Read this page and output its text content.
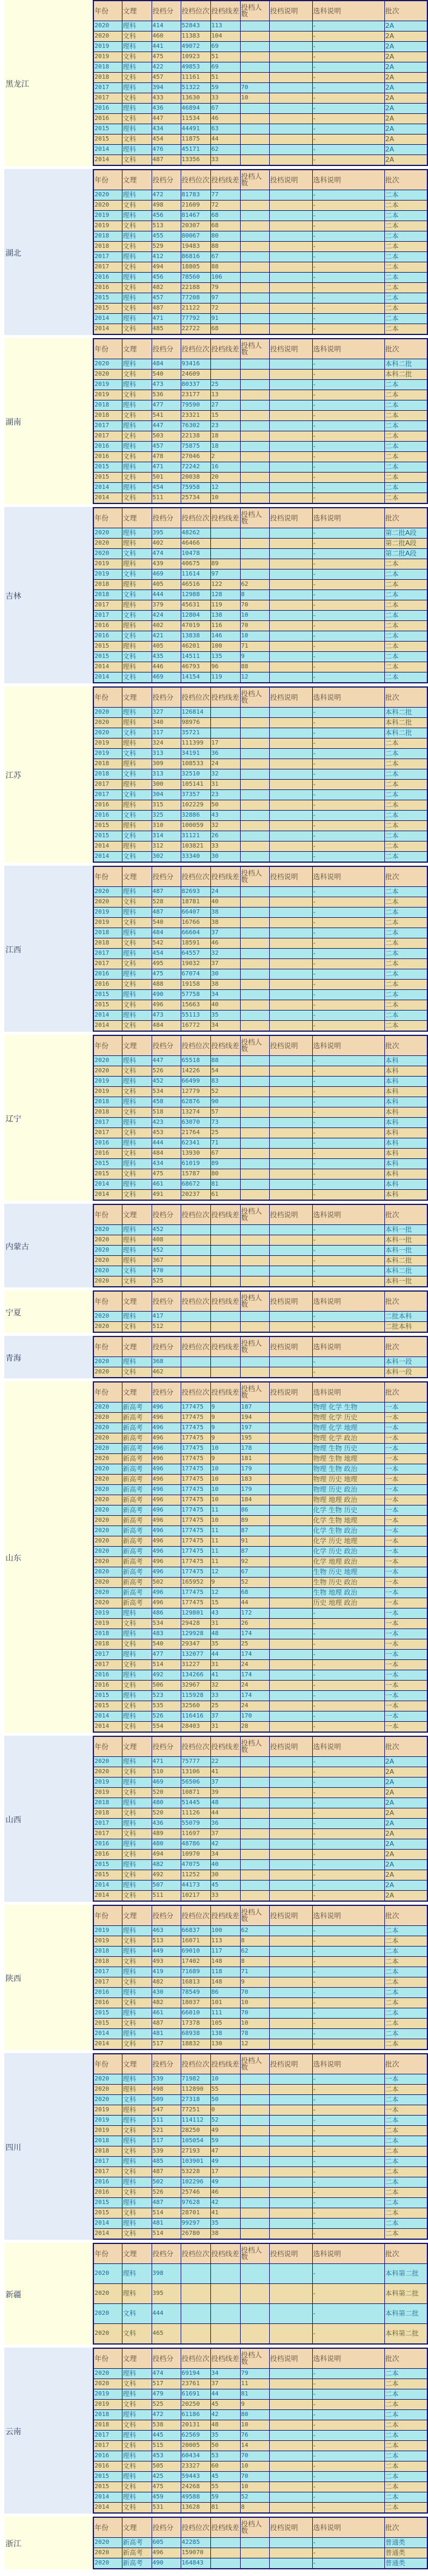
黑龙江
年份	文理	投档分	投档位次	投档线差	投档人数	投档说明	选科说明	批次
2020	理科	414	52843	113			-	2A
2020	文科	460	11383	104			-	2A
2019	理科	441	49072	69			-	2A
2019	文科	475	10923	51			-	2A
2018	理科	422	49853	69			-	2A
2018	文科	457	11161	51			-	2A
2017	理科	394	51322	59	70		-	2A
2017	文科	433	13630	33	10		-	2A
2016	理科	436	46894	67			-	2A
2016	文科	447	11534	46			-	2A
2015	理科	434	44491	63			-	2A
2015	文科	454	11875	44			-	2A
2014	理科	476	45171	62			-	2A
2014	文科	487	13356	33			-	2A
湖北
年份	文理	投档分	投档位次	投档线差	投档人数	投档说明	选科说明	批次
2020	理科	472	81783	77			-	二本
2020	文科	498	21609	72			-	二本
2019	理科	456	81467	68			-	二本
2019	文科	513	20307	68			-	二本
2018	理科	455	80067	80			-	二本
2018	文科	529	19483	88			-	二本
2017	理科	412	86816	67			-	二本
2017	文科	494	18805	88			-	二本
2016	理科	456	78560	106			-	二本
2016	文科	482	22188	79			-	二本
2015	理科	457	77208	97			-	二本
2015	文科	487	21122	72			-	二本
2014	理科	471	77792	91			-	二本
2014	文科	485	22722	68			-	二本
湖南
年份	文理	投档分	投档位次	投档线差	投档人数	投档说明	选科说明	批次
2020	理科	484	93416				-	本科二批
2020	文科	540	24609				-	本科二批
2019	理科	473	80337	25			-	二本
2019	文科	536	23177	13			-	二本
2018	理科	477	79590	27			-	二本
2018	文科	541	23321	15			-	二本
2017	理科	447	76302	23			-	二本
2017	文科	503	22138	18			-	二本
2016	理科	457	75875	18			-	二本
2016	文科	478	27046	2			-	二本
2015	理科	471	72242	16			-	二本
2015	文科	501	20038	20			-	二本
2014	理科	454	75958	12			-	二本
2014	文科	511	25734	10			-	二本
吉林
年份	文理	投档分	投档位次	投档线差	投档人数	投档说明	选科说明	批次
2020	理科	395	48262				-	第二批A段
2020	理科	402	46466				-	第二批A段
2020	文科	474	10478				-	第二批A段
2019	理科	439	40675	89			-	二本
2019	文科	469	11614	97			-	二本
2018	理科	405	46516	122	62		-	二本
2018	文科	444	12988	128	8		-	二本
2017	理科	379	45631	119	70		-	二本
2017	文科	424	12804	138	10		-	二本
2016	理科	402	47019	116	70		-	二本
2016	文科	421	13838	146	10		-	二本
2015	理科	405	46201	100	71		-	二本
2015	文科	435	14511	135	9		-	二本
2014	理科	446	46793	96	88		-	二本
2014	文科	469	14154	119	12		-	二本
江苏
年份	文理	投档分	投档位次	投档线差	投档人数	投档说明	选科说明	批次
2020	理科	327	126814				-	本科二批
2020	理科	340	98976				-	本科二批
2020	文科	317	35721				-	本科二批
2019	理科	324	111399	17			-	二本
2019	文科	313	34191	36			-	二本
2018	理科	309	108533	24			-	二本
2018	文科	313	32510	32			-	二本
2017	理科	300	105141	31			-	二本
2017	文科	304	37357	23			-	二本
2016	理科	315	102229	50			-	二本
2016	文科	325	32886	43			-	二本
2015	理科	310	100059	32			-	二本
2015	文科	314	31121	26			-	二本
2014	理科	312	103821	33			-	二本
2014	文科	302	33340	30			-	二本
江西
年份	文理	投档分	投档位次	投档线差	投档人数	投档说明	选科说明	批次
2020	理科	487	82693	24			-	二本
2020	文科	528	18781	40			-	二本
2019	理科	487	66407	38			-	二本
2019	文科	540	16766	38			-	二本
2018	理科	484	66604	37			-	二本
2018	文科	542	18591	46			-	二本
2017	理科	454	64557	32			-	二本
2017	文科	495	19032	37			-	二本
2016	理科	475	67074	30			-	二本
2016	文科	488	19158	38			-	二本
2015	理科	490	57758	34			-	二本
2015	文科	496	15663	40			-	二本
2014	理科	473	55113	35			-	二本
2014	文科	484	16772	34			-	二本
辽宁
年份	文理	投档分	投档位次	投档线差	投档人数	投档说明	选科说明	批次
2020	理科	447	65518	88			-	本科
2020	文科	526	14226	54			-	本科
2019	理科	452	66499	83			-	本科
2019	文科	534	12779	52			-	本科
2018	理科	458	62876	90			-	本科
2018	文科	518	13274	57			-	本科
2017	理科	423	63070	73			-	本科
2017	文科	453	21764	25			-	本科
2016	理科	444	62341	71			-	本科
2016	文科	484	13930	67			-	本科
2015	理科	434	61019	89			-	本科
2015	文科	475	15787	80			-	本科
2014	理科	461	68672	81			-	本科
2014	文科	491	20237	61			-	本科
内蒙古
年份	文理	投档分	投档位次	投档线差	投档人数	投档说明	选科说明	批次
2020	理科	452					-	本科一批
2020	理科	408					-	本科一批
2020	理科	452					-	本科一批
2020	理科	367					-	本科二批
2020	文科	470					-	本科二批
2020	文科	525					-	本科一批
宁夏
年份	文理	投档分	投档位次	投档线差	投档人数	投档说明	选科说明	批次
2020	理科	417					-	二批本科
2020	文科	512					-	二批本科
青海
年份	文理	投档分	投档位次	投档线差	投档人数	投档说明	选科说明	批次
2020	理科	368					-	本科一段
2020	文科	462					-	本科一段
山东
年份	文理	投档分	投档位次	投档线差	投档人数	投档说明	选科说明	批次
2020	新高考	496	177475	9	187		物理 化学 生物	一本
2020	新高考	496	177475	9	194		物理 化学 历史	一本
2020	新高考	496	177475	9	197		物理 化学 地理	一本
2020	新高考	496	177475	9	195		物理 化学 政治	一本
2020	新高考	496	177475	10	178		物理 生物 历史	一本
2020	新高考	496	177475	9	181		物理 生物 地理	一本
2020	新高考	496	177475	10	179		物理 生物 政治	一本
2020	新高考	496	177475	10	183		物理 历史 地理	一本
2020	新高考	496	177475	10	179		物理 历史 政治	一本
2020	新高考	496	177475	10	184		物理 地理 政治	一本
2020	新高考	496	177475	11	86		化学 生物 历史	一本
2020	新高考	496	177475	10	89		化学 生物 地理	一本
2020	新高考	496	177475	11	87		化学 生物 政治	一本
2020	新高考	496	177475	11	91		化学 历史 地理	一本
2020	新高考	496	177475	11	87		化学 历史 政治	一本
2020	新高考	496	177475	11	92		化学 地理 政治	一本
2020	新高考	496	177475	12	67		生物 历史 地理	一本
2020	新高考	502	165952	9	52		生物 历史 政治	一本
2020	新高考	496	177475	12	68		生物 地理 政治	一本
2020	新高考	496	177475	15	44		历史 地理 政治	一本
2019	理科	486	129801	43	172		-	一本
2019	文科	534	29428	31	26		-	一本
2018	理科	483	129928	48	174		-	一本
2018	文科	540	29347	35	25		-	一本
2017	理科	477	132077	44	174		-	一本
2017	文科	514	31227	31	24		-	一本
2016	理科	492	134266	41	174		-	一本
2016	文科	506	32967	32	24		-	一本
2015	理科	523	115928	33	174		-	一本
2015	文科	535	32560	25	24		-	一本
2014	理科	526	116416	37	170		-	一本
2014	文科	554	28403	31	28		-	一本
山西
年份	文理	投档分	投档位次	投档线差	投档人数	投档说明	选科说明	批次
2020	理科	471	75777	22			-	2A
2020	文科	510	13106	41			-	2A
2019	理科	469	56506	37			-	2A
2019	文科	520	10871	39			-	2A
2018	理科	480	51445	48			-	2A
2018	文科	520	11126	44			-	2A
2017	理科	436	55079	36			-	2A
2017	文科	489	11697	37			-	2A
2016	理科	480	48786	42			-	2A
2016	文科	494	10970	34			-	2A
2015	理科	482	47075	40			-	2A
2015	文科	492	11252	30			-	2A
2014	理科	507	44173	45			-	2A
2014	文科	511	10217	33			-	2A
陕西
年份	文理	投档分	投档位次	投档线差	投档人数	投档说明	选科说明	批次
2019	理科	463	66837	100	62		-	二本
2019	文科	513	16071	113	8		-	二本
2018	理科	449	69010	117	62		-	二本
2018	文科	493	17402	148	8		-	二本
2017	理科	419	71689	118	71		-	二本
2017	文科	482	16813	148	9		-	二本
2016	理科	430	78549	86	70		-	二本
2016	文科	482	18037	101	10		-	二本
2015	理科	461	66010	111	70		-	二本
2015	文科	487	17378	105	10		-	二本
2014	理科	481	68938	138	78		-	二本
2014	文科	517	18832	130	12		-	二本
四川
年份	文理	投档分	投档位次	投档线差	投档人数	投档说明	选科说明	批次
2020	理科	539	71982	10			-	一本
2020	理科	498	112890	55			-	二本
2020	文科	509	27318	50			-	二本
2019	理科	547	77251	0			-	一本
2019	理科	511	114112	52			-	二本
2019	文科	521	28250	49			-	二本
2018	理科	517	105054	59			-	二本
2018	文科	539	27193	47			-	二本
2017	理科	485	103901	49			-	二本
2017	文科	487	53228	17			-	二本
2016	理科	502	102296	49			-	二本
2016	文科	526	25746	46			-	二本
2015	理科	487	97628	42			-	二本
2015	文科	514	28701	41			-	二本
2014	理科	481	99297	35			-	二本
2014	文科	514	26780	38			-	二本
新疆
年份	文理	投档分	投档位次	投档线差	投档人数	投档说明	选科说明	批次
2020	理科	398					-	本科第二批
2020	理科	395					-	本科第二批
2020	文科	444					-	本科第二批
2020	文科	465					-	本科第二批
云南
年份	文理	投档分	投档位次	投档线差	投档人数	投档说明	选科说明	批次
2020	理科	474	69194	34	79		-	二本
2020	文科	517	23761	37	11		-	二本
2019	理科	479	61691	44	81		-	二本
2019	文科	525	20250	45	9		-	二本
2018	理科	472	61186	42	80		-	二本
2018	文科	538	20131	48	10		-	二本
2017	理科	445	62569	35	76		-	二本
2017	文科	515	20005	50	14		-	二本
2016	理科	453	60434	53	70		-	二本
2016	文科	505	23327	60	10		-	二本
2015	理科	425	59443	45	70		-	二本
2015	文科	475	24268	55	10		-	二本
2014	理科	459	49588	59	52		-	二本
2014	文科	531	13628	81	8		-	二本
浙江
年份	文理	投档分	投档位次	投档线差	投档人数	投档说明	选科说明	批次
2020	新高考	605	42285				-	普通类
2020	新高考	496	159070				-	普通类
2020	新高考	490	164843				-	普通类
